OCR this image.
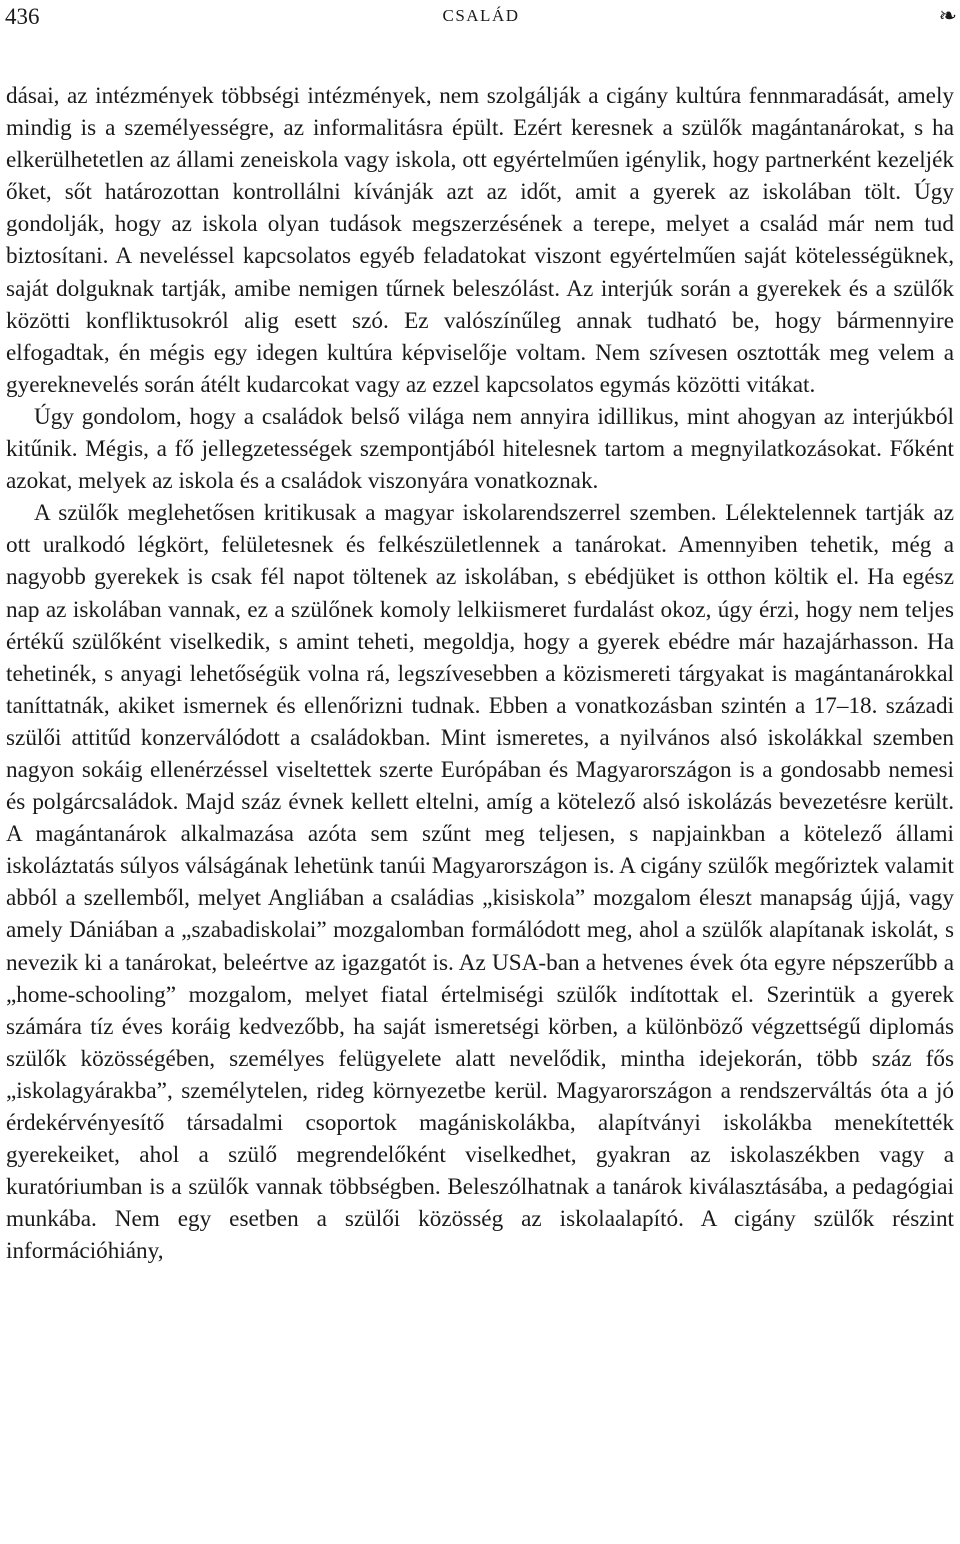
436	CSALÁD	❧

dásai, az intézmények többségi intézmények, nem szolgálják a cigány kultúra fennmaradását, amely mindig is a személyességre, az informalitásra épült. Ezért keresnek a szülők magántanárokat, s ha elkerülhetetlen az állami zeneiskola vagy iskola, ott egyértelműen igénylik, hogy partnerként kezeljék őket, sőt határozottan kontrollálni kívánják azt az időt, amit a gyerek az iskolában tölt. Úgy gondolják, hogy az iskola olyan tudások megszerzésének a terepe, melyet a család már nem tud biztosítani. A neveléssel kapcsolatos egyéb feladatokat viszont egyértelműen saját kötelességüknek, saját dolguknak tartják, amibe nemigen tűrnek beleszólást. Az interjúk során a gyerekek és a szülők közötti konfliktusokról alig esett szó. Ez valószínűleg annak tudható be, hogy bármennyire elfogadtak, én mégis egy idegen kultúra képviselője voltam. Nem szívesen osztották meg velem a gyereknevelés során átélt kudarcokat vagy az ezzel kapcsolatos egymás közötti vitákat.

Úgy gondolom, hogy a családok belső világa nem annyira idillikus, mint ahogyan az interjúkból kitűnik. Mégis, a fő jellegzetességek szempontjából hitelesnek tartom a megnyilatkozásokat. Főként azokat, melyek az iskola és a családok viszonyára vonatkoznak.

A szülők meglehetősen kritikusak a magyar iskolarendszerrel szemben. Lélektelennek tartják az ott uralkodó légkört, felületesnek és felkészületlennek a tanárokat. Amennyiben tehetik, még a nagyobb gyerekek is csak fél napot töltenek az iskolában, s ebédjüket is otthon költik el. Ha egész nap az iskolában vannak, ez a szülőnek komoly lelkiismeret furdalást okoz, úgy érzi, hogy nem teljes értékű szülőként viselkedik, s amint teheti, megoldja, hogy a gyerek ebédre már hazajárhasson. Ha tehetinék, s anyagi lehetőségük volna rá, legszívesebben a közismereti tárgyakat is magántanárokkal taníttatnák, akiket ismernek és ellenőrizni tudnak. Ebben a vonatkozásban szintén a 17–18. századi szülői attitűd konzerválódott a családokban. Mint ismeretes, a nyilvános alsó iskolákkal szemben nagyon sokáig ellenérzéssel viseltettek szerte Európában és Magyarországon is a gondosabb nemesi és polgárcsaládok. Majd száz évnek kellett eltelni, amíg a kötelező alsó iskolázás bevezetésre került. A magántanárok alkalmazása azóta sem szűnt meg teljesen, s napjainkban a kötelező állami iskoláztatás súlyos válságának lehetünk tanúi Magyarországon is. A cigány szülők megőriztek valamit abból a szellemből, melyet Angliában a családias „kisiskola” mozgalom éleszt manapság újjá, vagy amely Dániában a „szabadiskolai” mozgalomban formálódott meg, ahol a szülők alapítanak iskolát, s nevezik ki a tanárokat, beleértve az igazgatót is. Az USA-ban a hetvenes évek óta egyre népszerűbb a „home-schooling” mozgalom, melyet fiatal értelmiségi szülők indítottak el. Szerintük a gyerek számára tíz éves koráig kedvezőbb, ha saját ismeretségi körben, a különböző végzettségű diplomás szülők közösségében, személyes felügyelete alatt nevelődik, mintha idejekorán, több száz fős „iskolagyárakba”, személytelen, rideg környezetbe kerül. Magyarországon a rendszerváltás óta a jó érdekérvényesítő társadalmi csoportok magániskolákba, alapítványi iskolákba menekítették gyerekeiket, ahol a szülő megrendelőként viselkedhet, gyakran az iskolaszékben vagy a kuratóriumban is a szülők vannak többségben. Beleszólhatnak a tanárok kiválasztásába, a pedagógiai munkába. Nem egy esetben a szülői közösség az iskolaalapító. A cigány szülők részint információhiány,
